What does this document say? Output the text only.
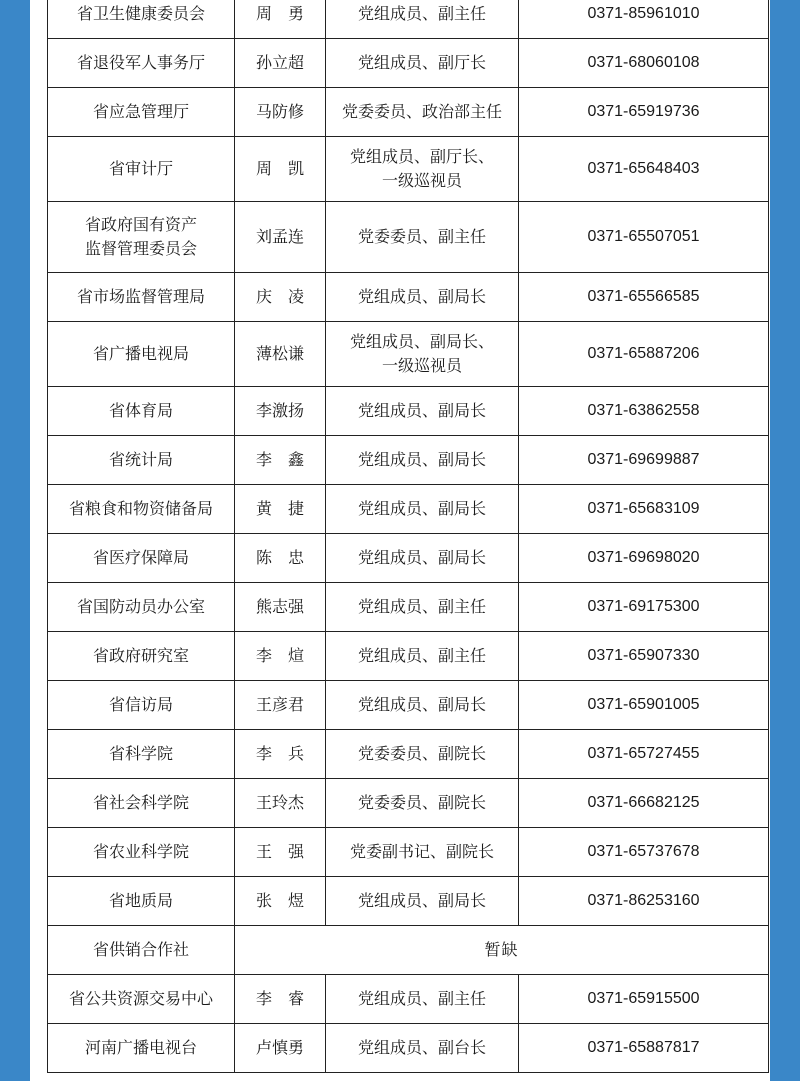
省卫生健康委员会	周　勇	党组成员、副主任	0371-85961010

省退役军人事务厅	孙立超	党组成员、副厅长	0371-68060108

省应急管理厅	马防修	党委委员、政治部主任	0371-65919736

省审计厅	周　凯	党组成员、副厅长、
一级巡视员	0371-65648403

省政府国有资产
监督管理委员会	刘孟连	党委委员、副主任	0371-65507051

省市场监督管理局	庆　凌	党组成员、副局长	0371-65566585

省广播电视局	薄松谦	党组成员、副局长、
一级巡视员	0371-65887206

省体育局	李激扬	党组成员、副局长	0371-63862558

省统计局	李　鑫	党组成员、副局长	0371-69699887

省粮食和物资储备局	黄　捷	党组成员、副局长	0371-65683109

省医疗保障局	陈　忠	党组成员、副局长	0371-69698020

省国防动员办公室	熊志强	党组成员、副主任	0371-69175300

省政府研究室	李　煊	党组成员、副主任	0371-65907330

省信访局	王彦君	党组成员、副局长	0371-65901005

省科学院	李　兵	党委委员、副院长	0371-65727455

省社会科学院	王玲杰	党委委员、副院长	0371-66682125

省农业科学院	王　强	党委副书记、副院长	0371-65737678

省地质局	张　煜	党组成员、副局长	0371-86253160

省供销合作社	暂缺		

省公共资源交易中心	李　睿	党组成员、副主任	0371-65915500

河南广播电视台	卢慎勇	党组成员、副台长	0371-65887817
